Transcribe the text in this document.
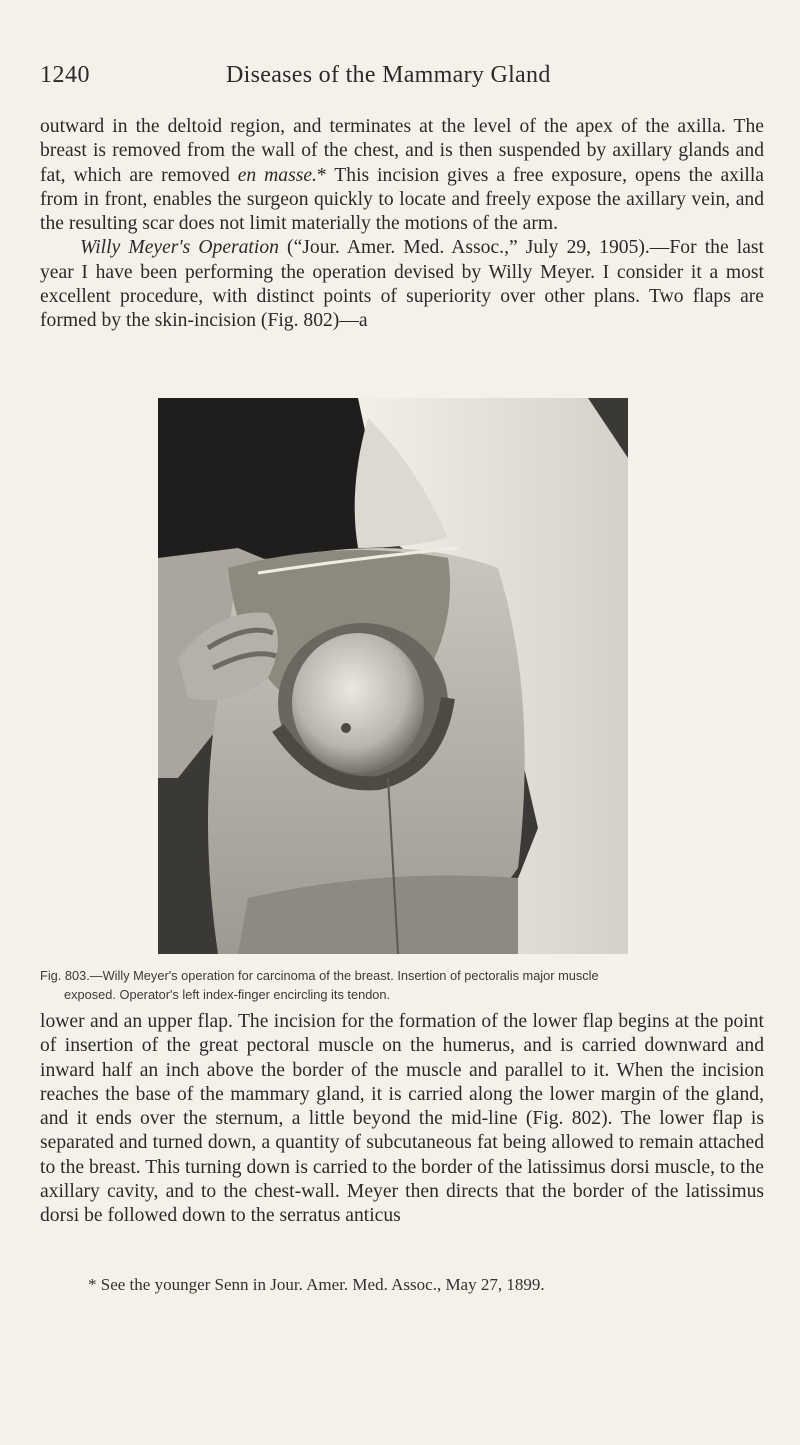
1240	Diseases of the Mammary Gland

outward in the deltoid region, and terminates at the level of the apex of the axilla. The breast is removed from the wall of the chest, and is then suspended by axillary glands and fat, which are removed en masse.* This incision gives a free exposure, opens the axilla from in front, enables the surgeon quickly to locate and freely expose the axillary vein, and the resulting scar does not limit materially the motions of the arm.

Willy Meyer's Operation (“Jour. Amer. Med. Assoc.,” July 29, 1905).—For the last year I have been performing the operation devised by Willy Meyer. I consider it a most excellent procedure, with distinct points of superiority over other plans. Two flaps are formed by the skin-incision (Fig. 802)—a

Fig. 803.—Willy Meyer's operation for carcinoma of the breast. Insertion of pectoralis major muscle
exposed. Operator's left index-finger encircling its tendon.

lower and an upper flap. The incision for the formation of the lower flap begins at the point of insertion of the great pectoral muscle on the humerus, and is carried downward and inward half an inch above the border of the muscle and parallel to it. When the incision reaches the base of the mammary gland, it is carried along the lower margin of the gland, and it ends over the sternum, a little beyond the mid-line (Fig. 802). The lower flap is separated and turned down, a quantity of subcutaneous fat being allowed to remain attached to the breast. This turning down is carried to the border of the latissimus dorsi muscle, to the axillary cavity, and to the chest-wall. Meyer then directs that the border of the latissimus dorsi be followed down to the serratus anticus

* See the younger Senn in Jour. Amer. Med. Assoc., May 27, 1899.
